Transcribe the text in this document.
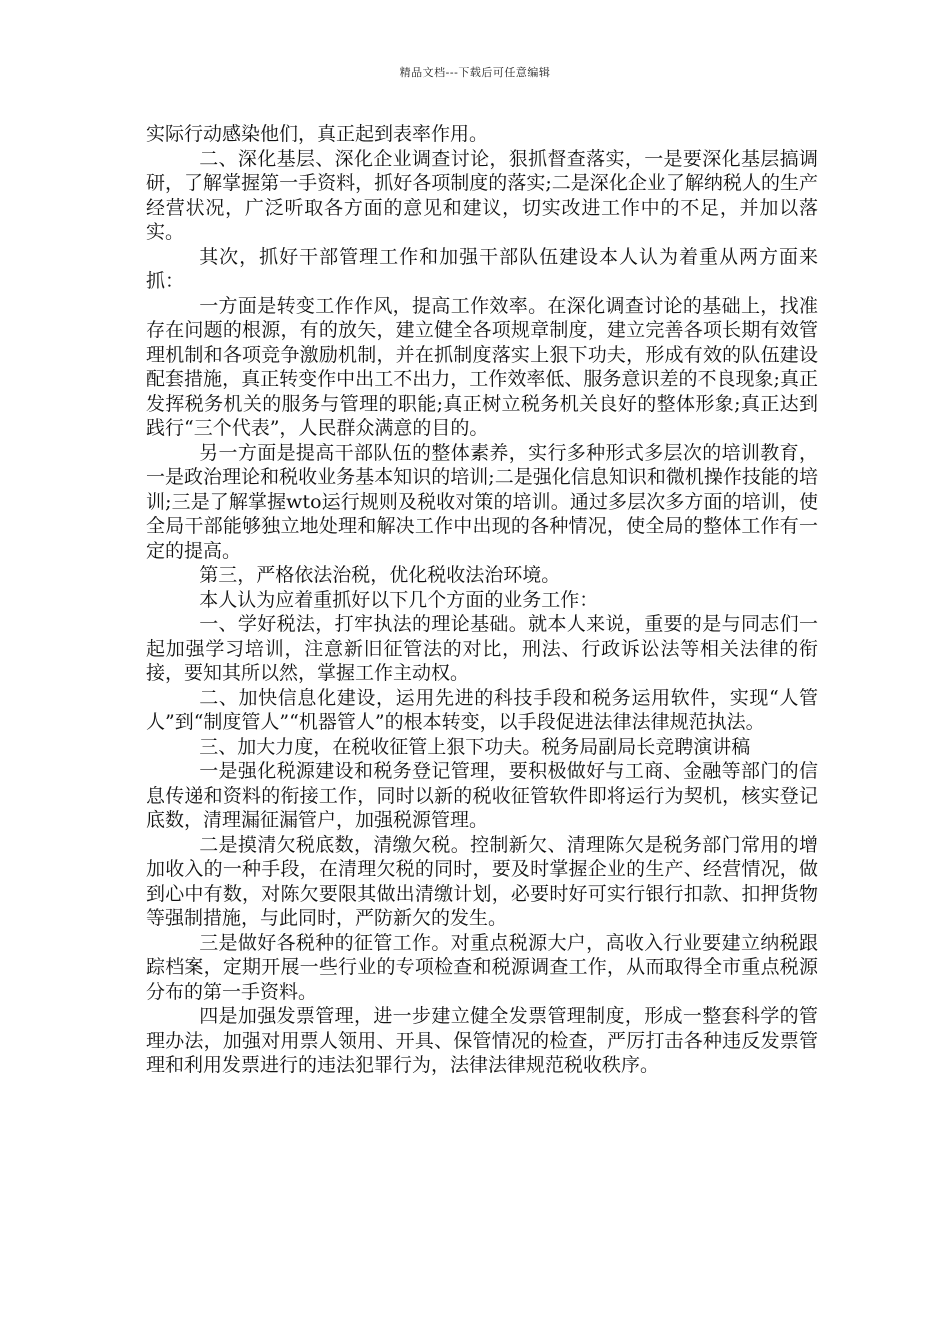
精品文档---下载后可任意编辑

实际行动感染他们，真正起到表率作用。

二、深化基层、深化企业调查讨论，狠抓督查落实，一是要深化基层搞调研，了解掌握第一手资料，抓好各项制度的落实;二是深化企业了解纳税人的生产经营状况，广泛听取各方面的意见和建议，切实改进工作中的不足，并加以落实。

其次，抓好干部管理工作和加强干部队伍建设本人认为着重从两方面来抓：

一方面是转变工作作风，提高工作效率。在深化调查讨论的基础上，找准存在问题的根源，有的放矢，建立健全各项规章制度，建立完善各项长期有效管理机制和各项竞争激励机制，并在抓制度落实上狠下功夫，形成有效的队伍建设配套措施，真正转变作中出工不出力，工作效率低、服务意识差的不良现象;真正发挥税务机关的服务与管理的职能;真正树立税务机关良好的整体形象;真正达到践行“三个代表”，人民群众满意的目的。

另一方面是提高干部队伍的整体素养，实行多种形式多层次的培训教育，一是政治理论和税收业务基本知识的培训;二是强化信息知识和微机操作技能的培训;三是了解掌握wto运行规则及税收对策的培训。通过多层次多方面的培训，使全局干部能够独立地处理和解决工作中出现的各种情况，使全局的整体工作有一定的提高。

第三，严格依法治税，优化税收法治环境。

本人认为应着重抓好以下几个方面的业务工作：

一、学好税法，打牢执法的理论基础。就本人来说，重要的是与同志们一起加强学习培训，注意新旧征管法的对比，刑法、行政诉讼法等相关法律的衔接，要知其所以然，掌握工作主动权。

二、加快信息化建设，运用先进的科技手段和税务运用软件，实现“人管人”到“制度管人”“机器管人”的根本转变，以手段促进法律法律规范执法。

三、加大力度，在税收征管上狠下功夫。税务局副局长竞聘演讲稿

一是强化税源建设和税务登记管理，要积极做好与工商、金融等部门的信息传递和资料的衔接工作，同时以新的税收征管软件即将运行为契机，核实登记底数，清理漏征漏管户，加强税源管理。

二是摸清欠税底数，清缴欠税。控制新欠、清理陈欠是税务部门常用的增加收入的一种手段，在清理欠税的同时，要及时掌握企业的生产、经营情况，做到心中有数，对陈欠要限其做出清缴计划，必要时好可实行银行扣款、扣押货物等强制措施，与此同时，严防新欠的发生。

三是做好各税种的征管工作。对重点税源大户，高收入行业要建立纳税跟踪档案，定期开展一些行业的专项检查和税源调查工作，从而取得全市重点税源分布的第一手资料。

四是加强发票管理，进一步建立健全发票管理制度，形成一整套科学的管理办法，加强对用票人领用、开具、保管情况的检查，严厉打击各种违反发票管理和利用发票进行的违法犯罪行为，法律法律规范税收秩序。
